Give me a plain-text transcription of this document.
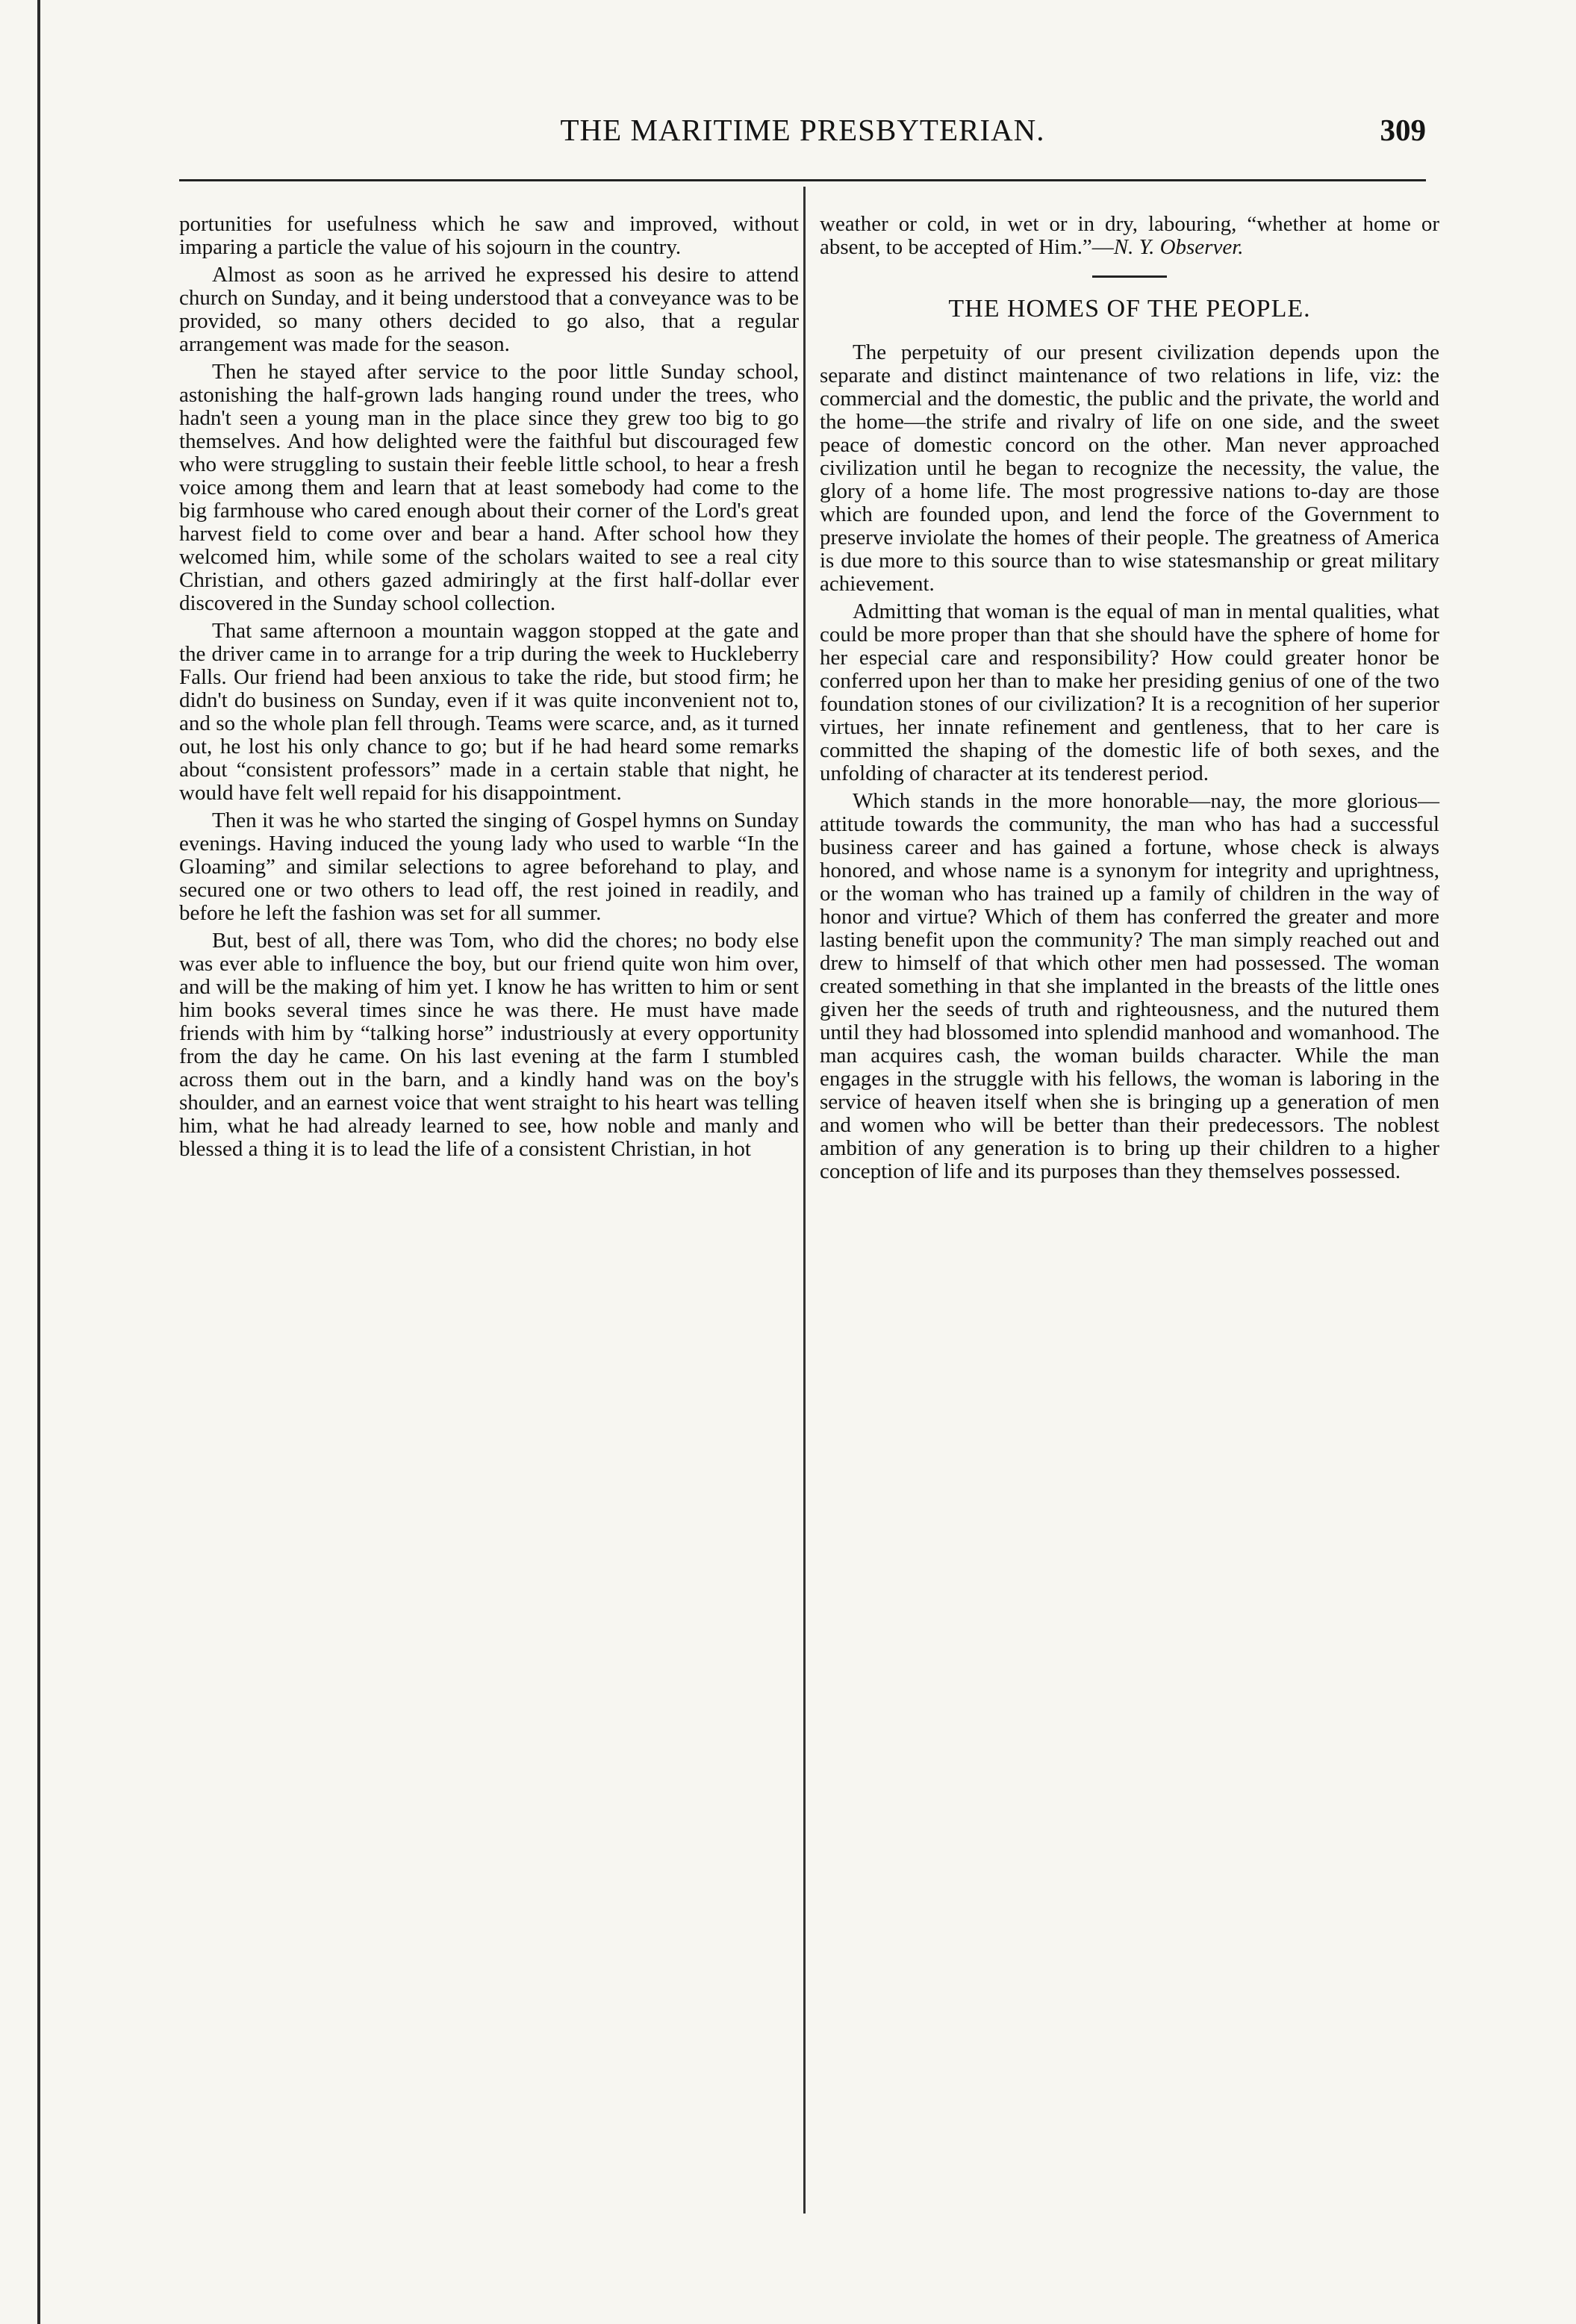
THE MARITIME PRESBYTERIAN.	309

portunities for usefulness which he saw and improved, without imparing a particle the value of his sojourn in the country.

Almost as soon as he arrived he expressed his desire to attend church on Sunday, and it being understood that a conveyance was to be provided, so many others decided to go also, that a regular arrangement was made for the season.

Then he stayed after service to the poor little Sunday school, astonishing the half-grown lads hanging round under the trees, who hadn't seen a young man in the place since they grew too big to go themselves. And how delighted were the faithful but discouraged few who were struggling to sustain their feeble little school, to hear a fresh voice among them and learn that at least somebody had come to the big farmhouse who cared enough about their corner of the Lord's great harvest field to come over and bear a hand. After school how they welcomed him, while some of the scholars waited to see a real city Christian, and others gazed admiringly at the first half-dollar ever discovered in the Sunday school collection.

That same afternoon a mountain waggon stopped at the gate and the driver came in to arrange for a trip during the week to Huckleberry Falls. Our friend had been anxious to take the ride, but stood firm; he didn't do business on Sunday, even if it was quite inconvenient not to, and so the whole plan fell through. Teams were scarce, and, as it turned out, he lost his only chance to go; but if he had heard some remarks about “consistent professors” made in a certain stable that night, he would have felt well repaid for his disappointment.

Then it was he who started the singing of Gospel hymns on Sunday evenings. Having induced the young lady who used to warble “In the Gloaming” and similar selections to agree beforehand to play, and secured one or two others to lead off, the rest joined in readily, and before he left the fashion was set for all summer.

But, best of all, there was Tom, who did the chores; no body else was ever able to influence the boy, but our friend quite won him over, and will be the making of him yet. I know he has written to him or sent him books several times since he was there. He must have made friends with him by “talking horse” industriously at every opportunity from the day he came. On his last evening at the farm I stumbled across them out in the barn, and a kindly hand was on the boy's shoulder, and an earnest voice that went straight to his heart was telling him, what he had already learned to see, how noble and manly and blessed a thing it is to lead the life of a consistent Christian, in hot

weather or cold, in wet or in dry, labouring, “whether at home or absent, to be accepted of Him.”—N. Y. Observer.

THE HOMES OF THE PEOPLE.

The perpetuity of our present civilization depends upon the separate and distinct maintenance of two relations in life, viz: the commercial and the domestic, the public and the private, the world and the home—the strife and rivalry of life on one side, and the sweet peace of domestic concord on the other. Man never approached civilization until he began to recognize the necessity, the value, the glory of a home life. The most progressive nations to-day are those which are founded upon, and lend the force of the Government to preserve inviolate the homes of their people. The greatness of America is due more to this source than to wise statesmanship or great military achievement.

Admitting that woman is the equal of man in mental qualities, what could be more proper than that she should have the sphere of home for her especial care and responsibility? How could greater honor be conferred upon her than to make her presiding genius of one of the two foundation stones of our civilization? It is a recognition of her superior virtues, her innate refinement and gentleness, that to her care is committed the shaping of the domestic life of both sexes, and the unfolding of character at its tenderest period.

Which stands in the more honorable—nay, the more glorious—attitude towards the community, the man who has had a successful business career and has gained a fortune, whose check is always honored, and whose name is a synonym for integrity and uprightness, or the woman who has trained up a family of children in the way of honor and virtue? Which of them has conferred the greater and more lasting benefit upon the community? The man simply reached out and drew to himself of that which other men had possessed. The woman created something in that she implanted in the breasts of the little ones given her the seeds of truth and righteousness, and the nutured them until they had blossomed into splendid manhood and womanhood. The man acquires cash, the woman builds character. While the man engages in the struggle with his fellows, the woman is laboring in the service of heaven itself when she is bringing up a generation of men and women who will be better than their predecessors. The noblest ambition of any generation is to bring up their children to a higher conception of life and its purposes than they themselves possessed.
